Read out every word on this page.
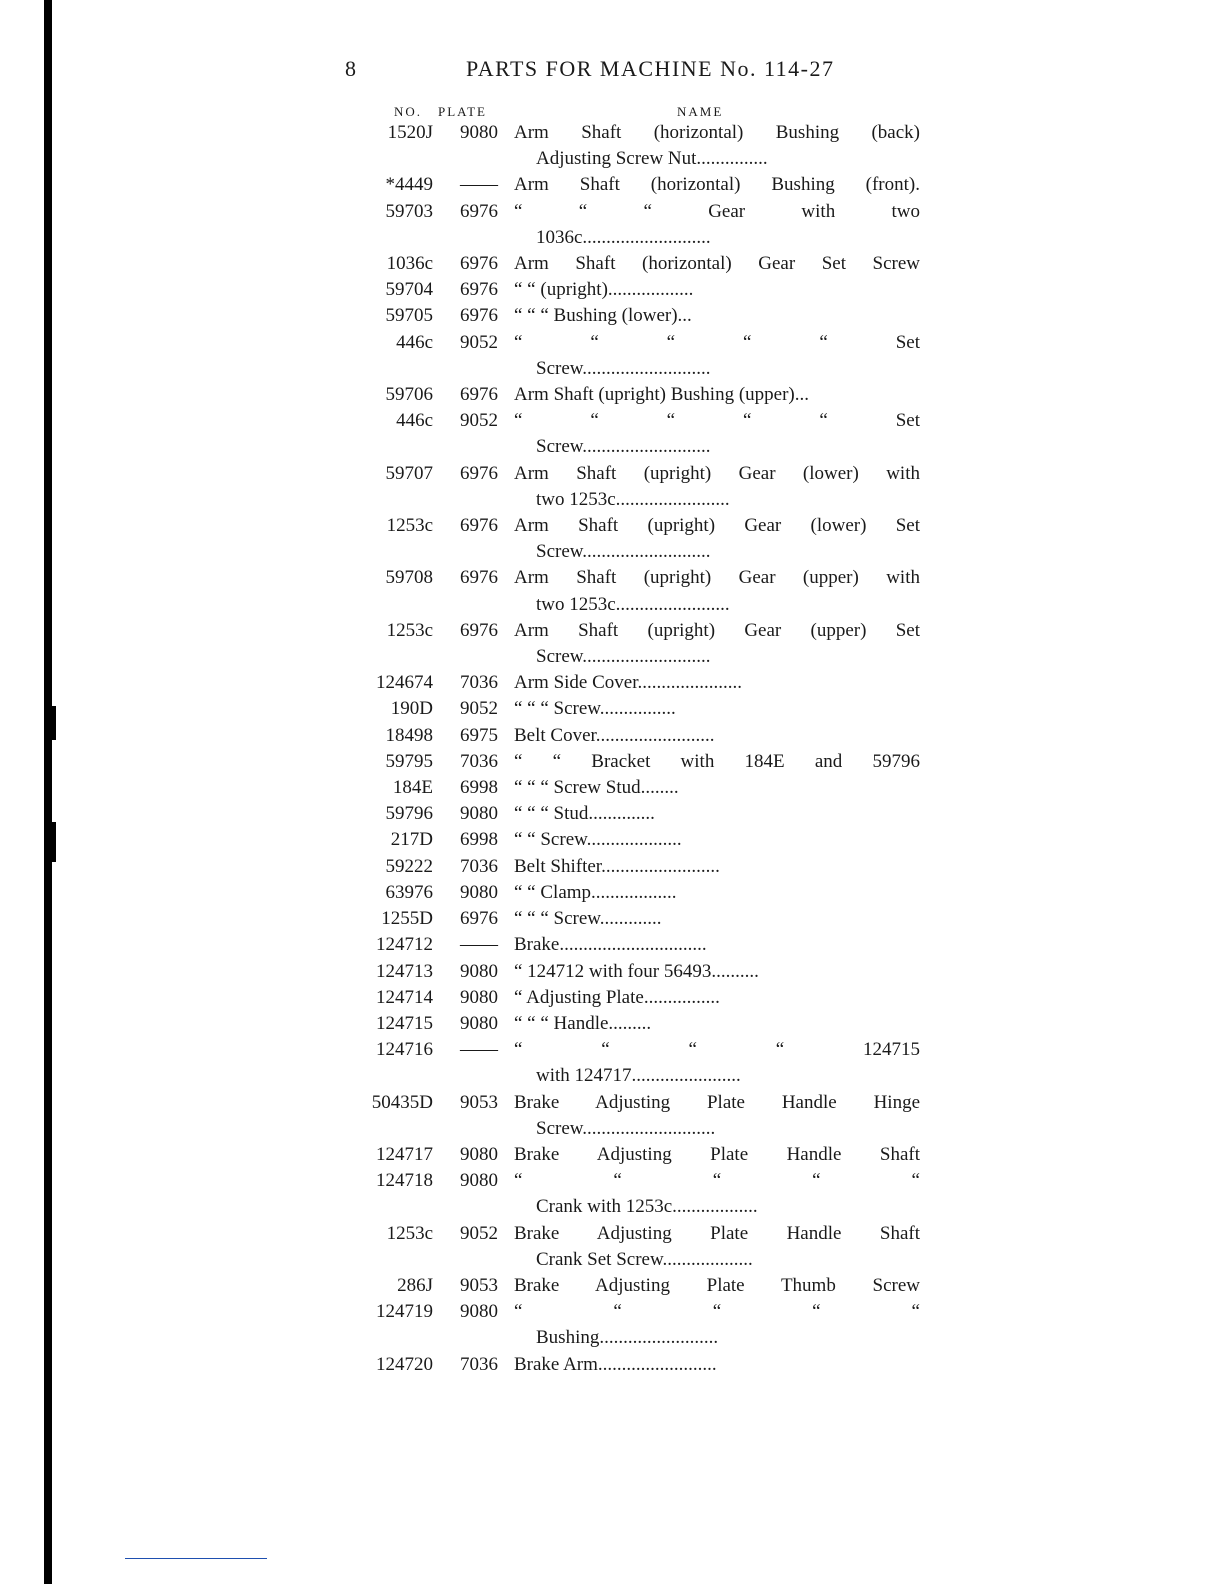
8	PARTS FOR MACHINE No. 114-27
NO. PLATE	NAME
1520J	9080 Arm Shaft (horizontal) Bushing (back)
Adjusting Screw Nut...............
*4449	—— Arm Shaft (horizontal) Bushing (front).
59703	6976 “ “ “ Gear with two
1036c...........................
1036c	6976 Arm Shaft (horizontal) Gear Set Screw
59704	6976 “ “ (upright)..................
59705	6976 “ “ “ Bushing (lower)...
446c	9052 “ “ “ “ “ Set
Screw...........................
59706	6976 Arm Shaft (upright) Bushing (upper)...
446c	9052 “ “ “ “ “ Set
Screw...........................
59707	6976 Arm Shaft (upright) Gear (lower) with
two 1253c........................
1253c	6976 Arm Shaft (upright) Gear (lower) Set
Screw...........................
59708	6976 Arm Shaft (upright) Gear (upper) with
two 1253c........................
1253c	6976 Arm Shaft (upright) Gear (upper) Set
Screw...........................
124674	7036 Arm Side Cover......................
190D	9052 “ “ “ Screw................
18498	6975 Belt Cover.........................
59795	7036 “ “ Bracket with 184E and 59796
184E	6998 “ “ “ Screw Stud........
59796	9080 “ “ “ Stud..............
217D	6998 “ “ Screw....................
59222	7036 Belt Shifter.........................
63976	9080 “ “ Clamp..................
1255D	6976 “ “ “ Screw.............
124712	—— Brake...............................
124713	9080 “ 124712 with four 56493..........
124714	9080 “ Adjusting Plate................
124715	9080 “ “ “ Handle.........
124716	—— “ “ “ “ 124715
with 124717.......................
50435D	9053 Brake Adjusting Plate Handle Hinge
Screw............................
124717	9080 Brake Adjusting Plate Handle Shaft
124718	9080 “ “ “ “ “
Crank with 1253c..................
1253c	9052 Brake Adjusting Plate Handle Shaft
Crank Set Screw...................
286J	9053 Brake Adjusting Plate Thumb Screw
124719	9080 “ “ “ “ “
Bushing.........................
124720	7036 Brake Arm.........................
